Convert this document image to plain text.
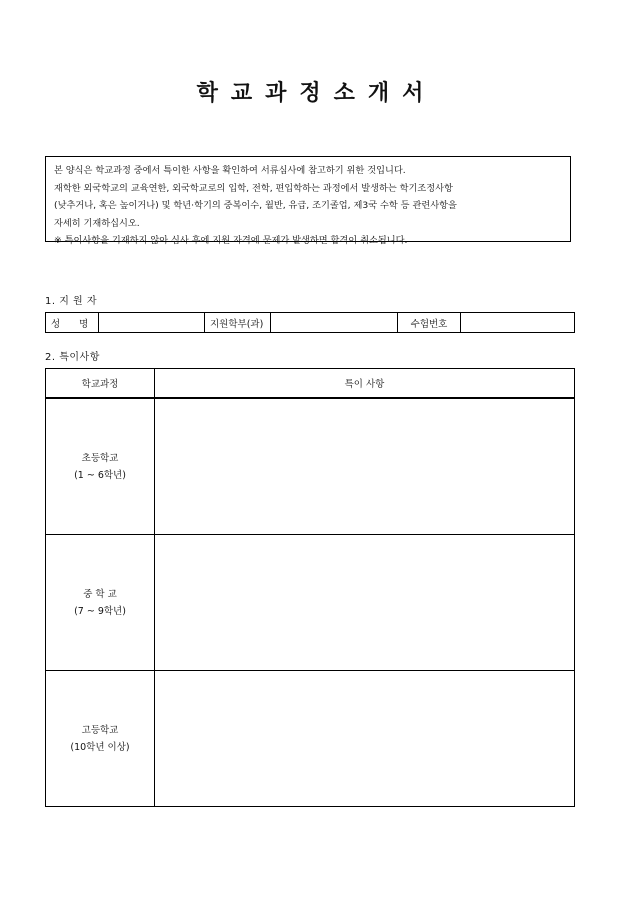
학교과정소개서
본 양식은 학교과정 중에서 특이한 사항을 확인하여 서류심사에 참고하기 위한 것입니다.
재학한 외국학교의 교육연한, 외국학교로의 입학, 전학, 편입학하는 과정에서 발생하는 학기조정사항
(낮추거나, 혹은 높이거나) 및 학년·학기의 중복이수, 월반, 유급, 조기졸업, 제3국 수학 등 관련사항을
자세히 기재하십시오.
※ 특이사항을 기재하지 않아 심사 후에 지원 자격에 문제가 발생하면 합격이 취소됩니다.
1. 지 원 자
성　　명		지원학부(과)		수험번호	
2. 특이사항
학교과정	특이 사항

초등학교
(1 ~ 6학년)	

중 학 교
(7 ~ 9학년)	

고등학교
(10학년 이상)	
